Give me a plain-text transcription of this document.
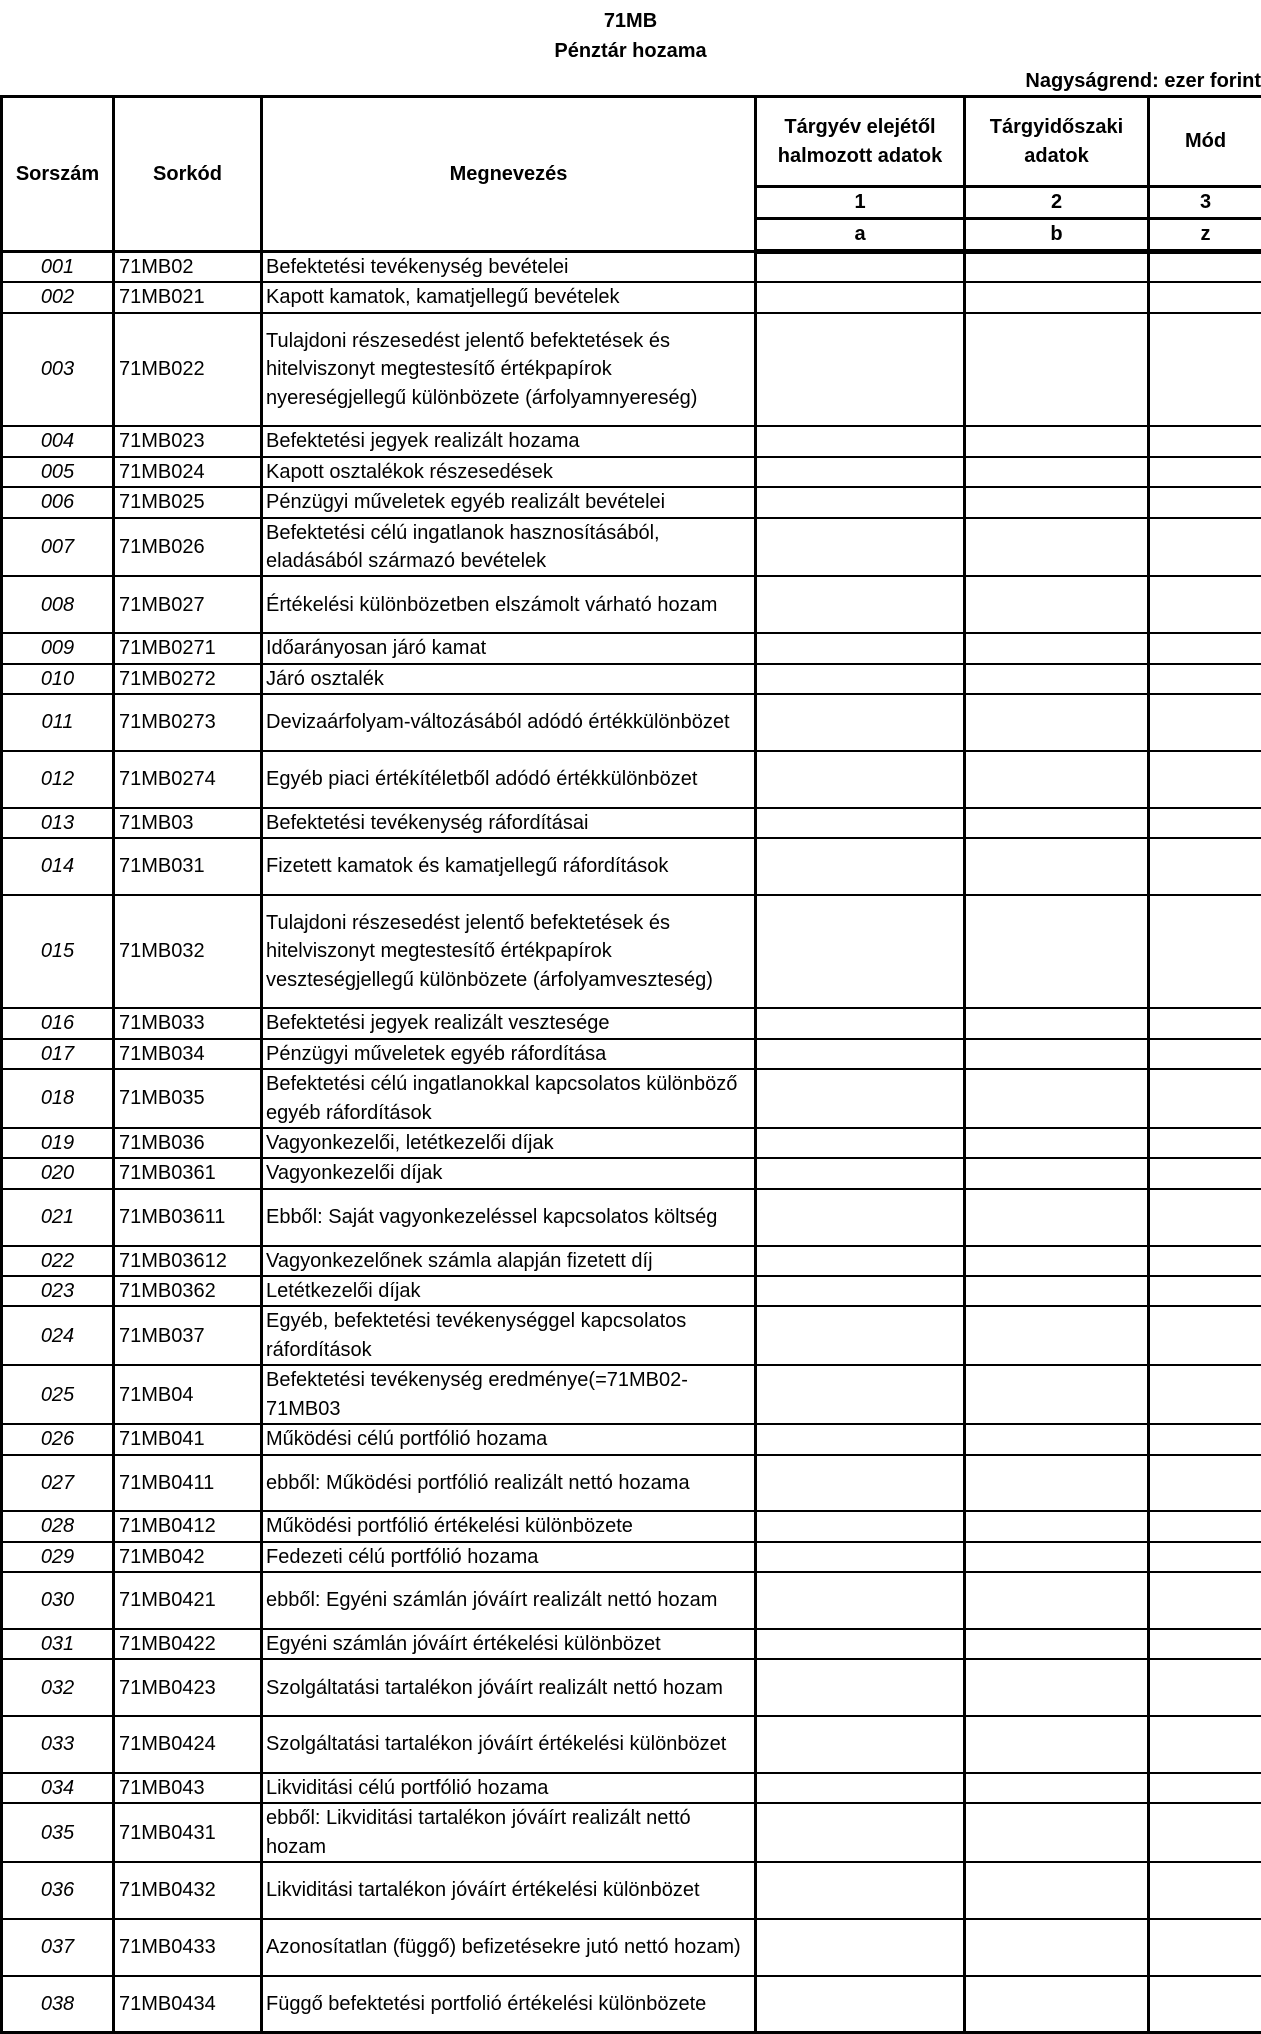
71MB
Pénztár hozama
Nagyságrend: ezer forint
Sorszám	Sorkód	Megnevezés	Tárgyév elejétől halmozott adatok	Tárgyidőszaki adatok	Mód
			1	2	3
			a	b	z
001	71MB02	Befektetési tevékenység bevételei			
002	71MB021	Kapott kamatok, kamatjellegű bevételek			
003	71MB022	Tulajdoni részesedést jelentő befektetések és hitelviszonyt megtestesítő értékpapírok nyereségjellegű különbözete (árfolyamnyereség)			
004	71MB023	Befektetési jegyek realizált hozama			
005	71MB024	Kapott osztalékok részesedések			
006	71MB025	Pénzügyi műveletek egyéb realizált bevételei			
007	71MB026	Befektetési célú ingatlanok hasznosításából, eladásából származó bevételek			
008	71MB027	Értékelési különbözetben elszámolt várható hozam			
009	71MB0271	Időarányosan járó kamat			
010	71MB0272	Járó osztalék			
011	71MB0273	Devizaárfolyam-változásából adódó értékkülönbözet			
012	71MB0274	Egyéb piaci értékítéletből adódó értékkülönbözet			
013	71MB03	Befektetési tevékenység ráfordításai			
014	71MB031	Fizetett kamatok és kamatjellegű ráfordítások			
015	71MB032	Tulajdoni részesedést jelentő befektetések és hitelviszonyt megtestesítő értékpapírok veszteségjellegű különbözete (árfolyamveszteség)			
016	71MB033	Befektetési jegyek realizált vesztesége			
017	71MB034	Pénzügyi műveletek egyéb ráfordítása			
018	71MB035	Befektetési célú ingatlanokkal kapcsolatos különböző egyéb ráfordítások			
019	71MB036	Vagyonkezelői, letétkezelői díjak			
020	71MB0361	Vagyonkezelői díjak			
021	71MB03611	Ebből: Saját vagyonkezeléssel kapcsolatos költség			
022	71MB03612	Vagyonkezelőnek számla alapján fizetett díj			
023	71MB0362	Letétkezelői díjak			
024	71MB037	Egyéb, befektetési tevékenységgel kapcsolatos ráfordítások			
025	71MB04	Befektetési tevékenység eredménye(=71MB02-71MB03			
026	71MB041	Működési célú portfólió hozama			
027	71MB0411	ebből: Működési portfólió realizált nettó hozama			
028	71MB0412	Működési portfólió értékelési különbözete			
029	71MB042	Fedezeti célú portfólió hozama			
030	71MB0421	ebből: Egyéni számlán jóváírt realizált nettó hozam			
031	71MB0422	Egyéni számlán jóváírt értékelési különbözet			
032	71MB0423	Szolgáltatási tartalékon jóváírt realizált nettó hozam			
033	71MB0424	Szolgáltatási tartalékon jóváírt értékelési különbözet			
034	71MB043	Likviditási célú portfólió hozama			
035	71MB0431	ebből: Likviditási tartalékon jóváírt realizált nettó hozam			
036	71MB0432	Likviditási tartalékon jóváírt értékelési különbözet			
037	71MB0433	Azonosítatlan (függő) befizetésekre jutó nettó hozam)			
038	71MB0434	Függő befektetési portfolió értékelési különbözete			
